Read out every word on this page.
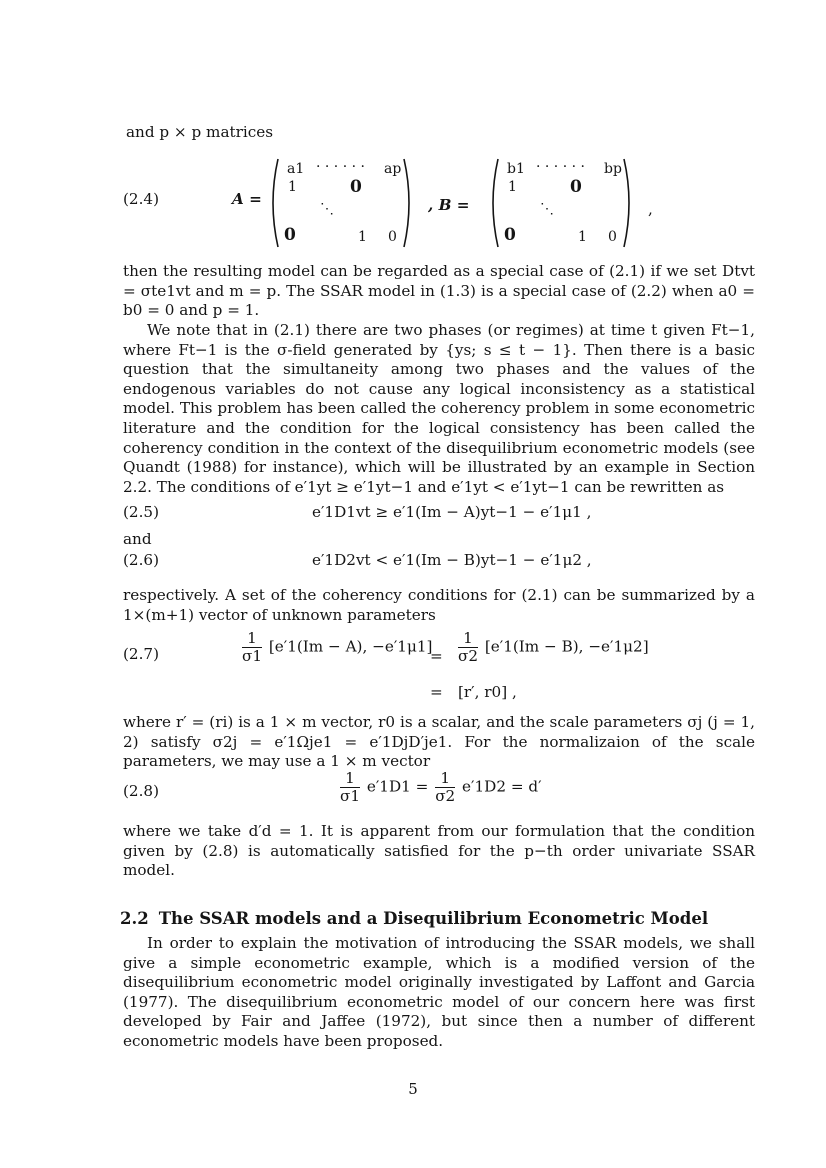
and p × p matrices
(2.4)	A =
a1 · · · · · · ap
1	0
⋱
0	1 0
, B =
b1 · · · · · · bp
1	0
⋱
0	1 0
,
then the resulting model can be regarded as a special case of (2.1) if we set Dtvt = σte1vt and m = p. The SSAR model in (1.3) is a special case of (2.2) when a0 = b0 = 0 and p = 1.
We note that in (2.1) there are two phases (or regimes) at time t given Ft−1, where Ft−1 is the σ-field generated by {ys; s ≤ t − 1}. Then there is a basic question that the simultaneity among two phases and the values of the endogenous variables do not cause any logical inconsistency as a statistical model. This problem has been called the coherency problem in some econometric literature and the condition for the logical consistency has been called the coherency condition in the context of the disequilibrium econometric models (see Quandt (1988) for instance), which will be illustrated by an example in Section 2.2. The conditions of e′1yt ≥ e′1yt−1 and e′1yt < e′1yt−1 can be rewritten as
(2.5)	e′1D1vt ≥ e′1(Im − A)yt−1 − e′1μ1 ,
and
(2.6)	e′1D2vt < e′1(Im − B)yt−1 − e′1μ2 ,
respectively. A set of the coherency conditions for (2.1) can be summarized by a 1×(m+1) vector of unknown parameters
(2.7)	$\frac{1}{\sigma 1} [e'1(Im - A)$, −e′1μ1]
= $\frac{1}{\sigma 2} [e'1(Im - B)$, −e′1μ2]
= [r′, r0] ,
where r′ = (ri) is a 1 × m vector, r0 is a scalar, and the scale parameters σj (j = 1, 2) satisfy σ2j = e′1Ωje1 = e′1DjD′je1. For the normalizaion of the scale parameters, we may use a 1 × m vector
(2.8)	$\frac{1}{\sigma 1} e'1D1 = \frac{1}{\sigma 2} e'1D2 = d'$
where we take d′d = 1. It is apparent from our formulation that the condition given by (2.8) is automatically satisfied for the p−th order univariate SSAR model.
2.2 The SSAR models and a Disequilibrium Econometric Model
In order to explain the motivation of introducing the SSAR models, we shall give a simple econometric example, which is a modified version of the disequilibrium econometric model originally investigated by Laffont and Garcia (1977). The disequilibrium econometric model of our concern here was first developed by Fair and Jaffee (1972), but since then a number of different econometric models have been proposed.
5
